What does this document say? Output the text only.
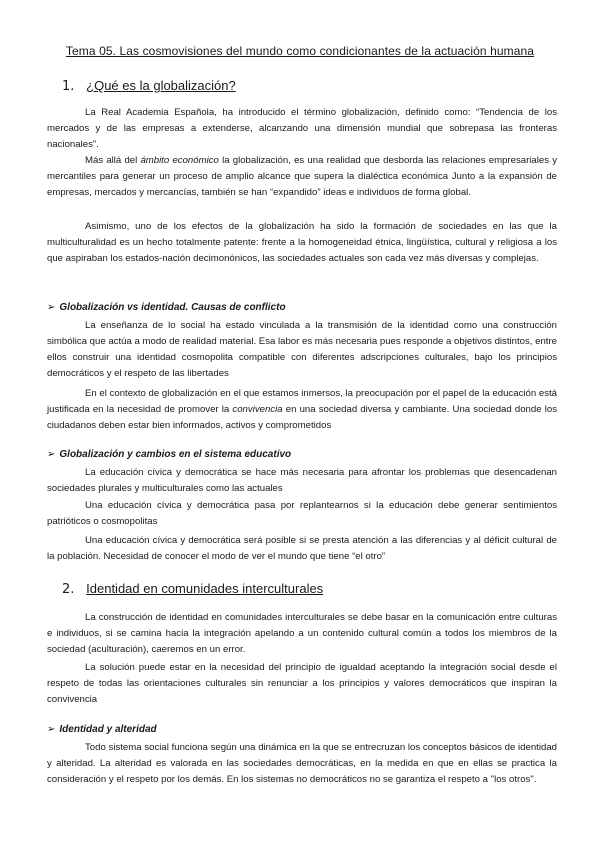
Tema 05. Las cosmovisiones del mundo como condicionantes de la actuación humana
1. ¿Qué es la globalización?
La Real Academia Española, ha introducido el término globalización, definido como: “Tendencia de los mercados y de las empresas a extenderse, alcanzando una dimensión mundial que sobrepasa las fronteras nacionales”.
Más allá del ámbito económico la globalización, es una realidad que desborda las relaciones empresariales y mercantiles para generar un proceso de amplio alcance que supera la dialéctica económica Junto a la expansión de empresas, mercados y mercancías, también se han “expandido” ideas e individuos de forma global.
Asimismo, uno de los efectos de la globalización ha sido la formación de sociedades en las que la multiculturalidad es un hecho totalmente patente: frente a la homogeneidad étnica, lingüística, cultural y religiosa a los que aspiraban los estados-nación decimonónicos, las sociedades actuales son cada vez más diversas y complejas.
➢ Globalización vs identidad. Causas de conflicto
La enseñanza de lo social ha estado vinculada a la transmisión de la identidad como una construcción simbólica que actúa a modo de realidad material. Esa labor es más necesaria pues responde a objetivos distintos, entre ellos construir una identidad cosmopolita compatible con diferentes adscripciones culturales, bajo los principios democráticos y el respeto de las libertades
En el contexto de globalización en el que estamos inmersos, la preocupación por el papel de la educación está justificada en la necesidad de promover la convivencia en una sociedad diversa y cambiante. Una sociedad donde los ciudadanos deben estar bien informados, activos y comprometidos
➢ Globalización y cambios en el sistema educativo
La educación cívica y democrática se hace más necesaria para afrontar los problemas que desencadenan sociedades plurales y multiculturales como las actuales
Una educación cívica y democrática pasa por replantearnos si la educación debe generar sentimientos patrióticos o cosmopolitas
Una educación cívica y democrática será posible si se presta atención a las diferencias y al déficit cultural de la población. Necesidad de conocer el modo de ver el mundo que tiene “el otro”
2. Identidad en comunidades interculturales
La construcción de identidad en comunidades interculturales se debe basar en la comunicación entre culturas e individuos, si se camina hacia la integración apelando a un contenido cultural común a todos los miembros de la sociedad (aculturación), caeremos en un error.
La solución puede estar en la necesidad del principio de igualdad aceptando la integración social desde el respeto de todas las orientaciones culturales sin renunciar a los principios y valores democráticos que inspiran la convivencia
➢ Identidad y alteridad
Todo sistema social funciona según una dinámica en la que se entrecruzan los conceptos básicos de identidad y alteridad. La alteridad es valorada en las sociedades democráticas, en la medida en que en ellas se practica la consideración y el respeto por los demás. En los sistemas no democráticos no se garantiza el respeto a "los otros".
